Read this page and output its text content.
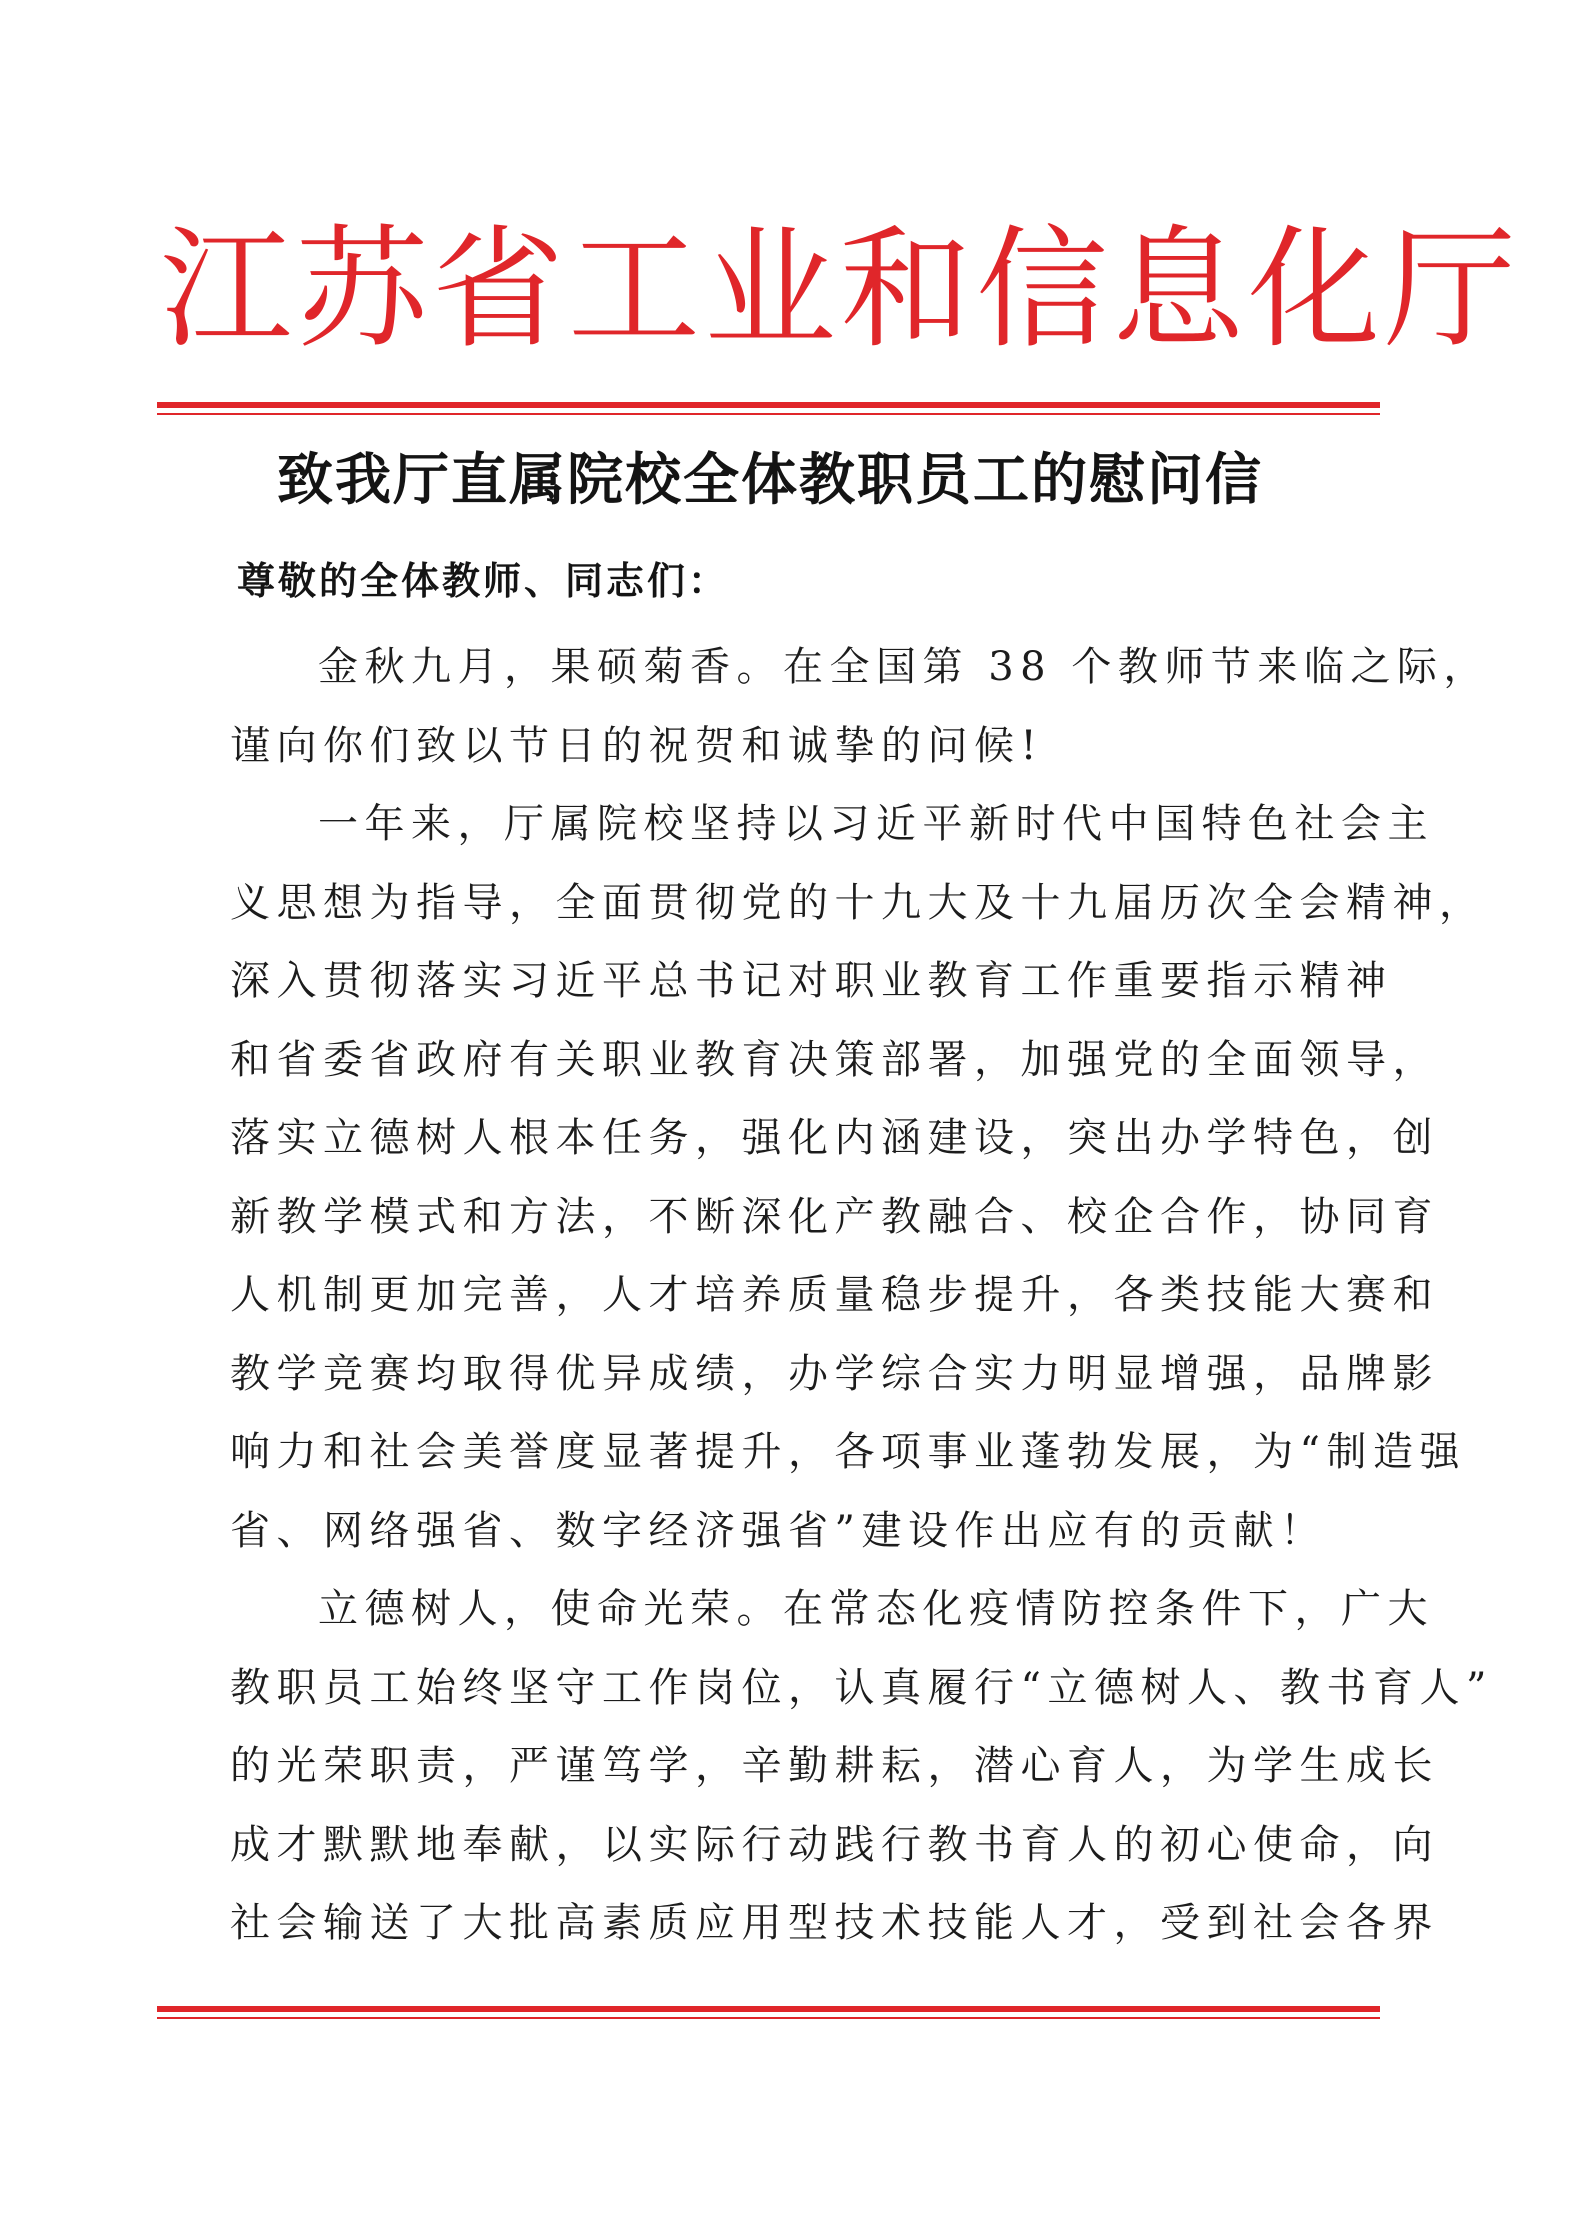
江苏省工业和信息化厅
致我厅直属院校全体教职员工的慰问信
尊敬的全体教师、同志们：
金秋九月，果硕菊香。在全国第 38 个教师节来临之际，
谨向你们致以节日的祝贺和诚挚的问候!
一年来，厅属院校坚持以习近平新时代中国特色社会主
义思想为指导，全面贯彻党的十九大及十九届历次全会精神，
深入贯彻落实习近平总书记对职业教育工作重要指示精神
和省委省政府有关职业教育决策部署，加强党的全面领导，
落实立德树人根本任务，强化内涵建设，突出办学特色，创
新教学模式和方法，不断深化产教融合、校企合作，协同育
人机制更加完善，人才培养质量稳步提升，各类技能大赛和
教学竞赛均取得优异成绩，办学综合实力明显增强，品牌影
响力和社会美誉度显著提升，各项事业蓬勃发展，为“制造强
省、网络强省、数字经济强省”建设作出应有的贡献！
立德树人，使命光荣。在常态化疫情防控条件下，广大
教职员工始终坚守工作岗位，认真履行“立德树人、教书育人”
的光荣职责，严谨笃学，辛勤耕耘，潜心育人，为学生成长
成才默默地奉献，以实际行动践行教书育人的初心使命，向
社会输送了大批高素质应用型技术技能人才，受到社会各界
